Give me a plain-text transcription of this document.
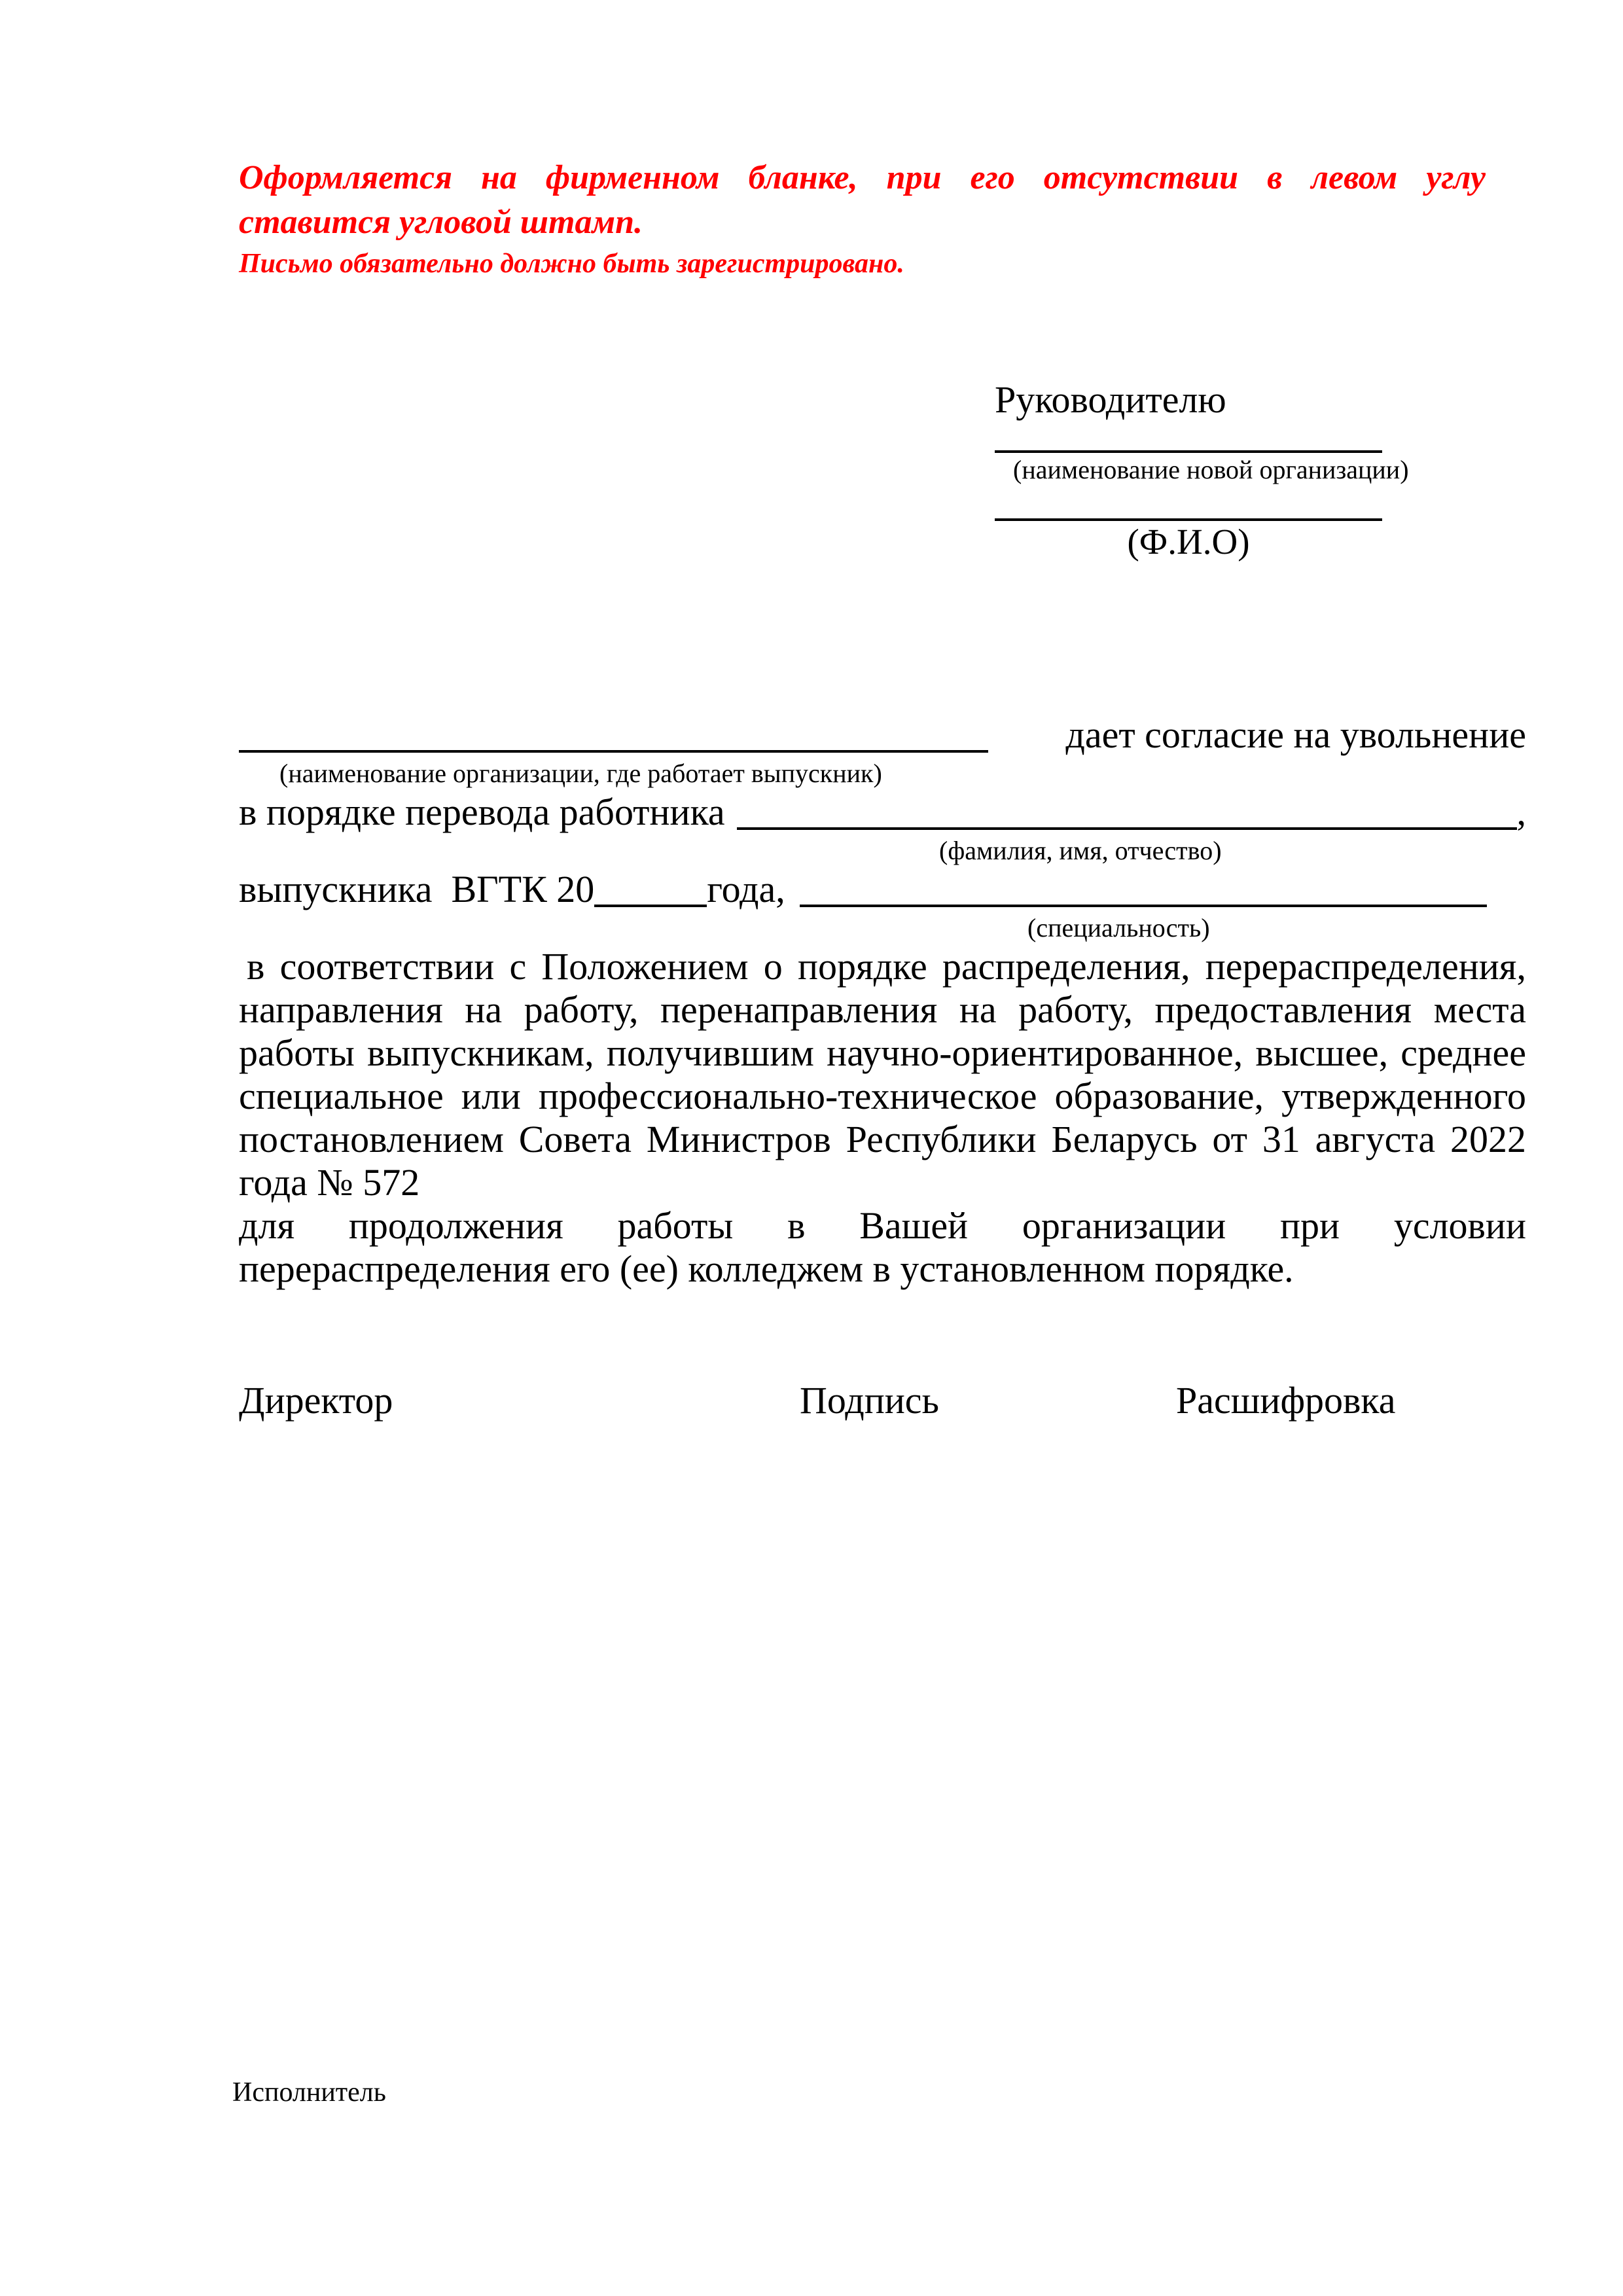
Оформляется на фирменном бланке, при его отсутствии в левом углу
ставится угловой штамп.
Письмо обязательно должно быть зарегистрировано.
Руководителю
(наименование новой организации)
(Ф.И.О)
дает согласие на увольнение
(наименование организации, где работает выпускник)
в порядке перевода работника	,
(фамилия, имя, отчество)
выпускника  ВГТК 20	года,
(специальность)
в соответствии с Положением о порядке распределения, перераспределения,
направления на работу, перенаправления на работу, предоставления места
работы выпускникам, получившим научно-ориентированное, высшее, среднее
специальное или профессионально-техническое образование, утвержденного
постановлением Совета Министров Республики Беларусь от 31 августа 2022
года № 572
для продолжения работы в Вашей организации при условии
перераспределения его (ее) колледжем в установленном порядке.
Директор	Подпись	Расшифровка
Исполнитель
